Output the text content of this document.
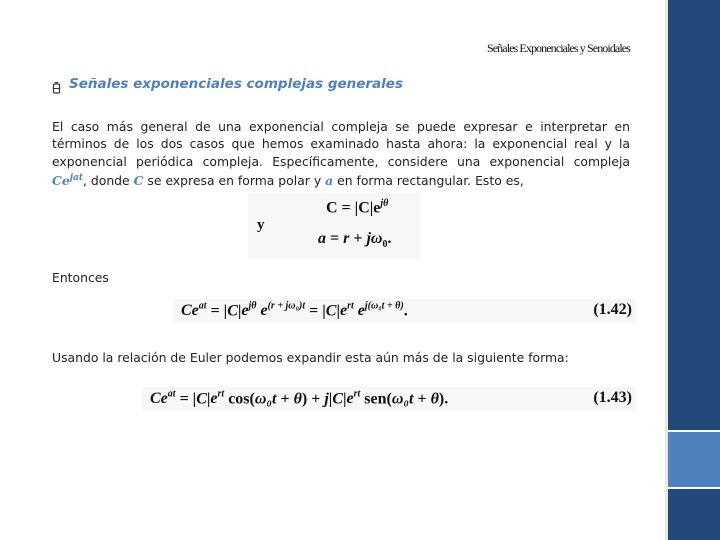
Señales Exponenciales y Senoidales
Señales exponenciales complejas generales
El caso más general de una exponencial compleja se puede expresar e interpretar en términos de los dos casos que hemos examinado hasta ahora: la exponencial real y la exponencial periódica compleja. Específicamente, considere una exponencial compleja $Ce^{jat}$, donde C se expresa en forma polar y a en forma rectangular. Esto es,
$C = |C|e^{j\theta}$
$a = r + j\omega_0$.
y
Entonces
$Ce^{at} = |C|e^{j\theta}$ $e^{(r + j\omega_0)t} = |C|e^{rt}$ $e^{j(\omega_0t + \theta)}$.	(1.42)
Usando la relación de Euler podemos expandir esta aún más de la siguiente forma:
$Ce^{at} = |C|e^{rt}$ $\cos(\omega_0t + \theta) + j|C|e^{rt}$ sen(ω₀t + θ).	(1.43)
